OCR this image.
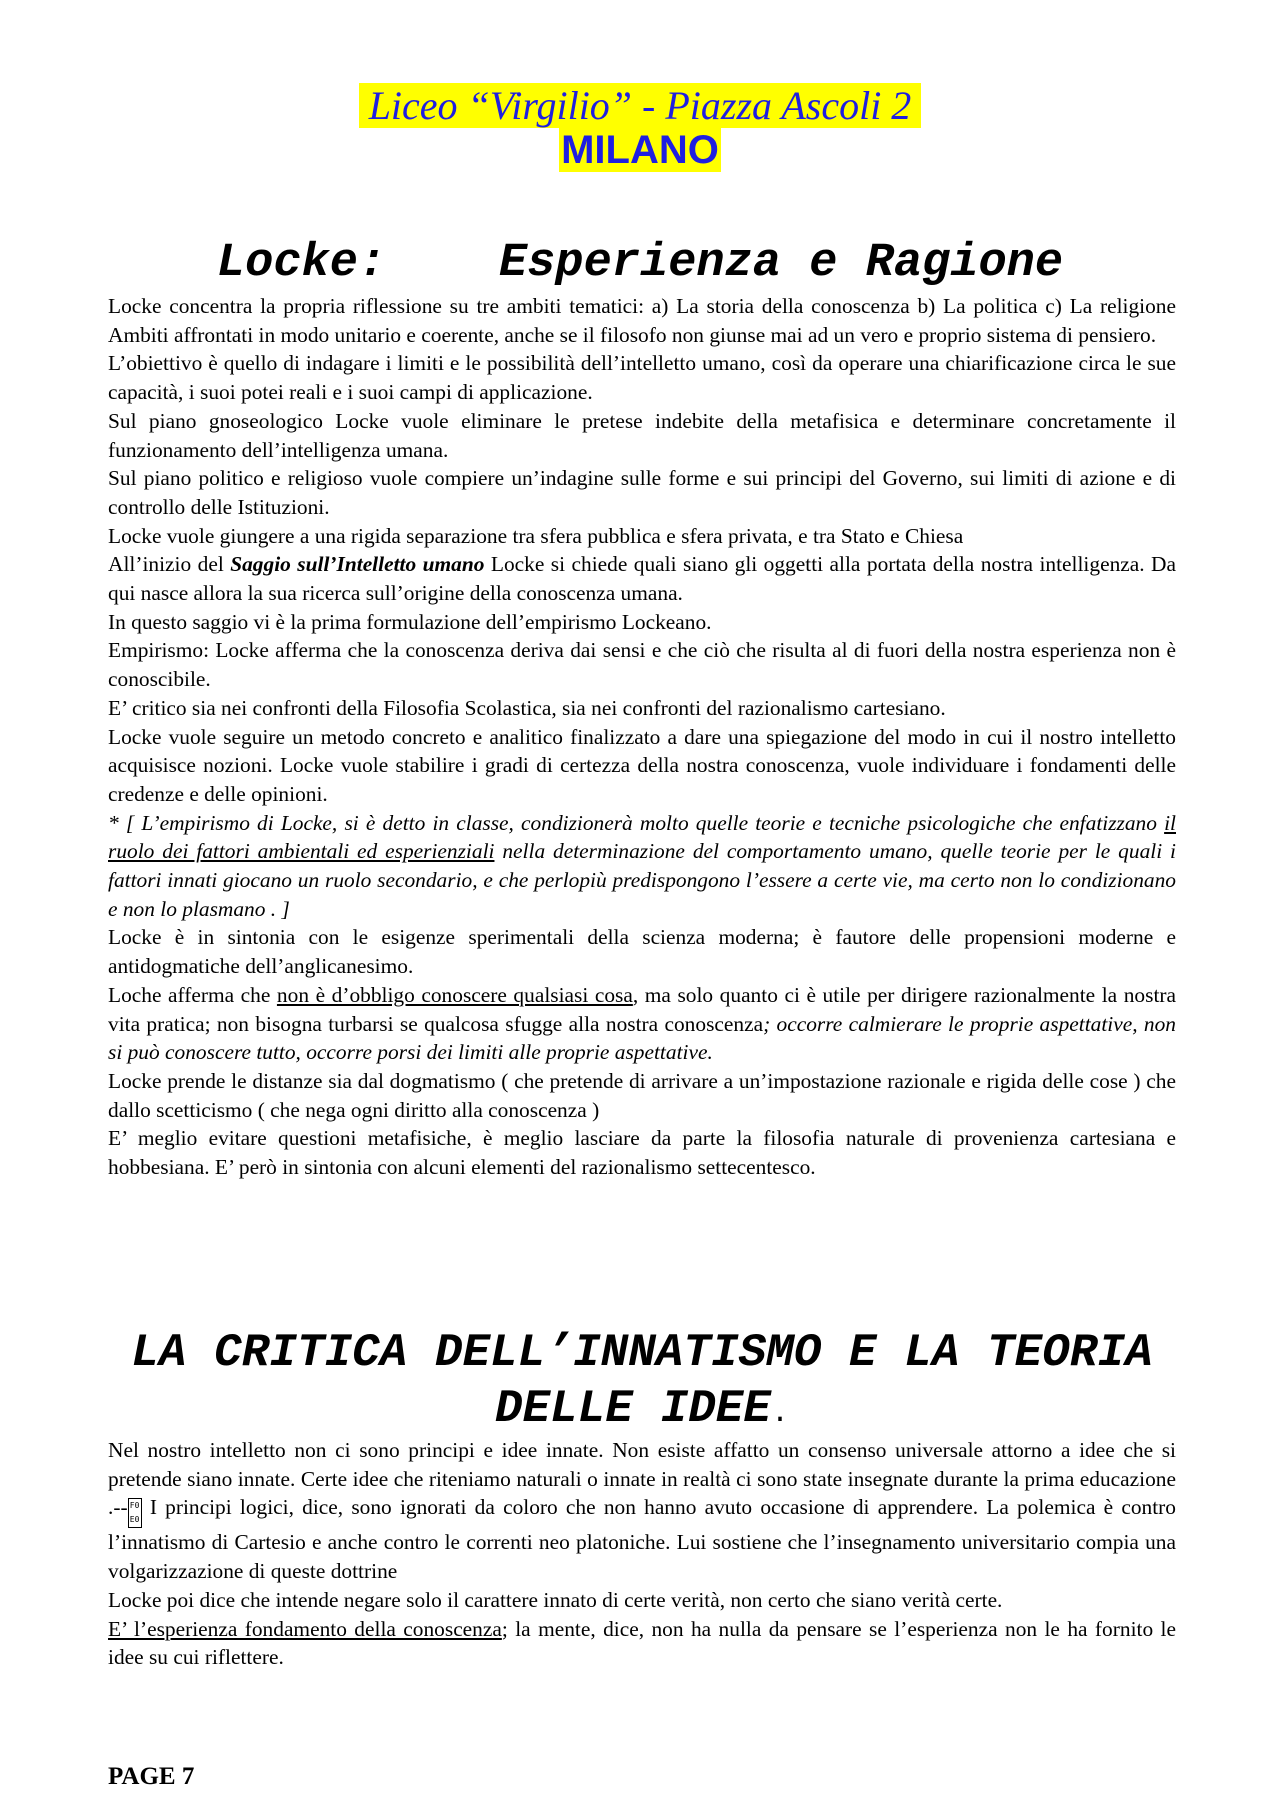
Liceo “Virgilio” - Piazza Ascoli 2
MILANO
Locke:    Esperienza e Ragione

Locke concentra la propria riflessione su tre ambiti tematici: a) La storia della conoscenza b) La politica c) La religione Ambiti affrontati in modo unitario e coerente, anche se il filosofo non giunse mai ad un vero e proprio sistema di pensiero.

L’obiettivo è quello di indagare i limiti e le possibilità dell’intelletto umano, così da operare una chiarificazione circa le sue capacità, i suoi potei reali e i suoi campi di applicazione.

Sul piano gnoseologico Locke vuole eliminare le pretese indebite della metafisica e determinare concretamente il funzionamento dell’intelligenza umana.

Sul piano politico e religioso vuole compiere un’indagine sulle forme e sui principi del Governo, sui limiti di azione e di controllo delle Istituzioni.

Locke vuole giungere a una rigida separazione tra sfera pubblica e sfera privata, e tra Stato e Chiesa

All’inizio del Saggio sull’Intelletto umano Locke si chiede quali siano gli oggetti alla portata della nostra intelligenza. Da qui nasce allora la sua ricerca sull’origine della conoscenza umana.

In questo saggio vi è la prima formulazione dell’empirismo Lockeano.

Empirismo: Locke afferma che la conoscenza deriva dai sensi e che ciò che risulta al di fuori della nostra esperienza non è conoscibile.

E’ critico sia nei confronti della Filosofia Scolastica, sia nei confronti del razionalismo cartesiano.

Locke vuole seguire un metodo concreto e analitico finalizzato a dare una spiegazione del modo in cui il nostro intelletto acquisisce nozioni. Locke vuole stabilire i gradi di certezza della nostra conoscenza, vuole individuare i fondamenti delle credenze e delle opinioni.

* [ L’empirismo di Locke, si è detto in classe, condizionerà molto quelle teorie e tecniche psicologiche che enfatizzano il ruolo dei fattori ambientali ed esperienziali nella determinazione del comportamento umano, quelle teorie per le quali i fattori innati giocano un ruolo secondario, e che perlopiù predispongono l’essere a certe vie, ma certo non lo condizionano e non lo plasmano . ]

Locke è in sintonia con le esigenze sperimentali della scienza moderna; è fautore delle propensioni moderne e antidogmatiche dell’anglicanesimo.

Loche afferma che non è d’obbligo conoscere qualsiasi cosa, ma solo quanto ci è utile per dirigere razionalmente la nostra vita pratica; non bisogna turbarsi se qualcosa sfugge alla nostra conoscenza; occorre calmierare le proprie aspettative, non si può conoscere tutto, occorre porsi dei limiti alle proprie aspettative.

Locke prende le distanze sia dal dogmatismo ( che pretende di arrivare a un’impostazione razionale e rigida delle cose ) che dallo scetticismo ( che nega ogni diritto alla conoscenza )

E’ meglio evitare questioni metafisiche, è meglio lasciare da parte la filosofia naturale di provenienza cartesiana e hobbesiana. E’ però in sintonia con alcuni elementi del razionalismo settecentesco.

LA CRITICA DELL’INNATISMO E LA TEORIA DELLE IDEE.

Nel nostro intelletto non ci sono principi e idee innate. Non esiste affatto un consenso universale attorno a idee che si pretende siano innate. Certe idee che riteniamo naturali o innate in realtà ci sono state insegnate durante la prima educazione .-- F0 E0 I principi logici, dice, sono ignorati da coloro che non hanno avuto occasione di apprendere. La polemica è contro l’innatismo di Cartesio e anche contro le correnti neo platoniche. Lui sostiene che l’insegnamento universitario compia una volgarizzazione di queste dottrine

Locke poi dice che intende negare solo il carattere innato di certe verità, non certo che siano verità certe.

E’ l’esperienza fondamento della conoscenza; la mente, dice, non ha nulla da pensare se l’esperienza non le ha fornito le idee su cui riflettere.

PAGE 7
